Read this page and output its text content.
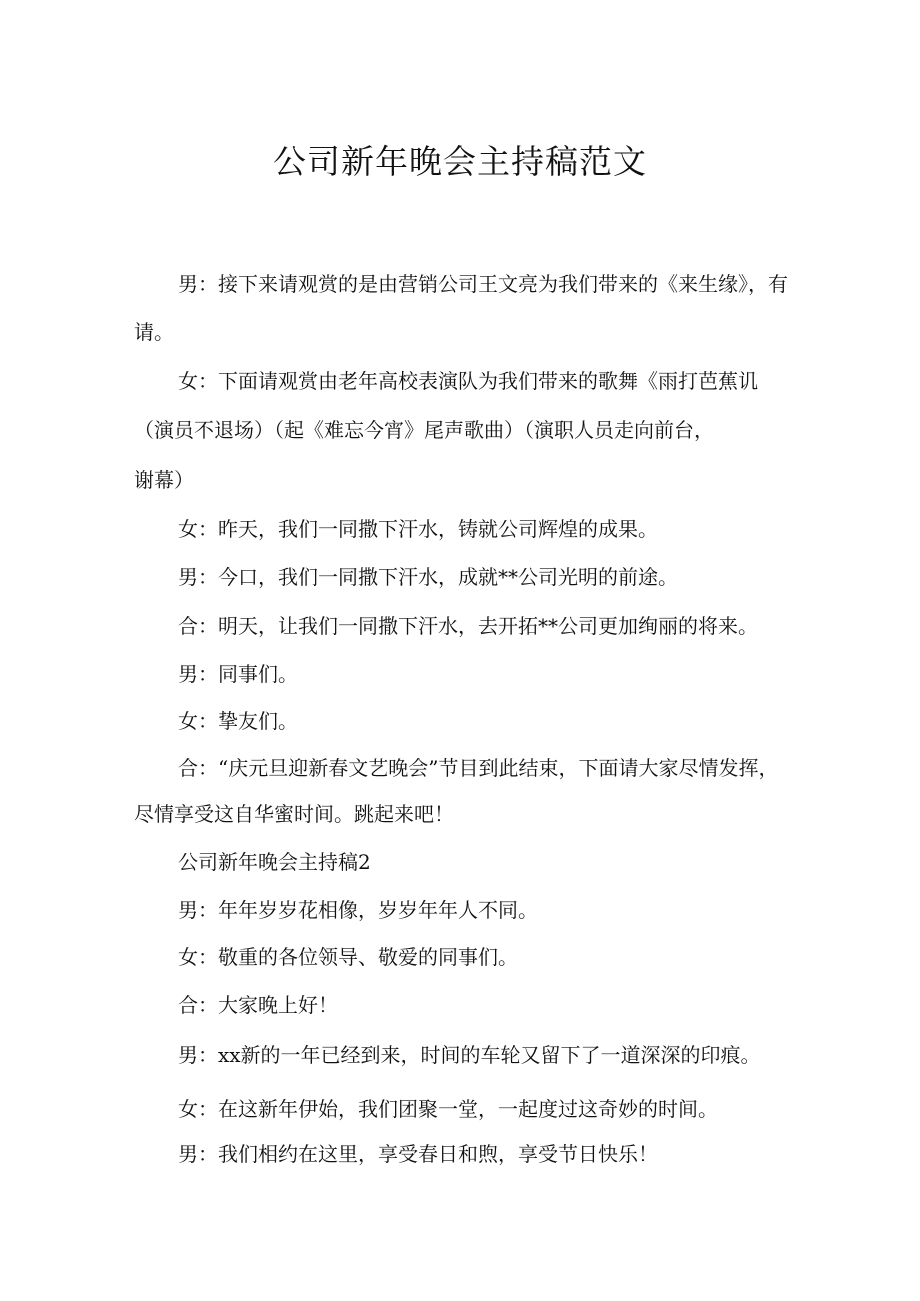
公司新年晚会主持稿范文
男：接下来请观赏的是由营销公司王文亮为我们带来的《来生缘》，有
请。
女：下面请观赏由老年高校表演队为我们带来的歌舞《雨打芭蕉讥
（演员不退场）（起《难忘今宵》尾声歌曲）（演职人员走向前台，
谢幕）
女：昨天，我们一同撒下汗水，铸就公司辉煌的成果。
男：今口，我们一同撒下汗水，成就**公司光明的前途。
合：明天，让我们一同撒下汗水，去开拓**公司更加绚丽的将来。
男：同事们。
女：挚友们。
合：“庆元旦迎新春文艺晚会”节目到此结束，下面请大家尽情发挥，
尽情享受这自华蜜时间。跳起来吧！
公司新年晚会主持稿2
男：年年岁岁花相像，岁岁年年人不同。
女：敬重的各位领导、敬爱的同事们。
合：大家晚上好！
男：xx新的一年已经到来，时间的车轮又留下了一道深深的印痕。
女：在这新年伊始，我们团聚一堂，一起度过这奇妙的时间。
男：我们相约在这里，享受春日和煦，享受节日快乐！
